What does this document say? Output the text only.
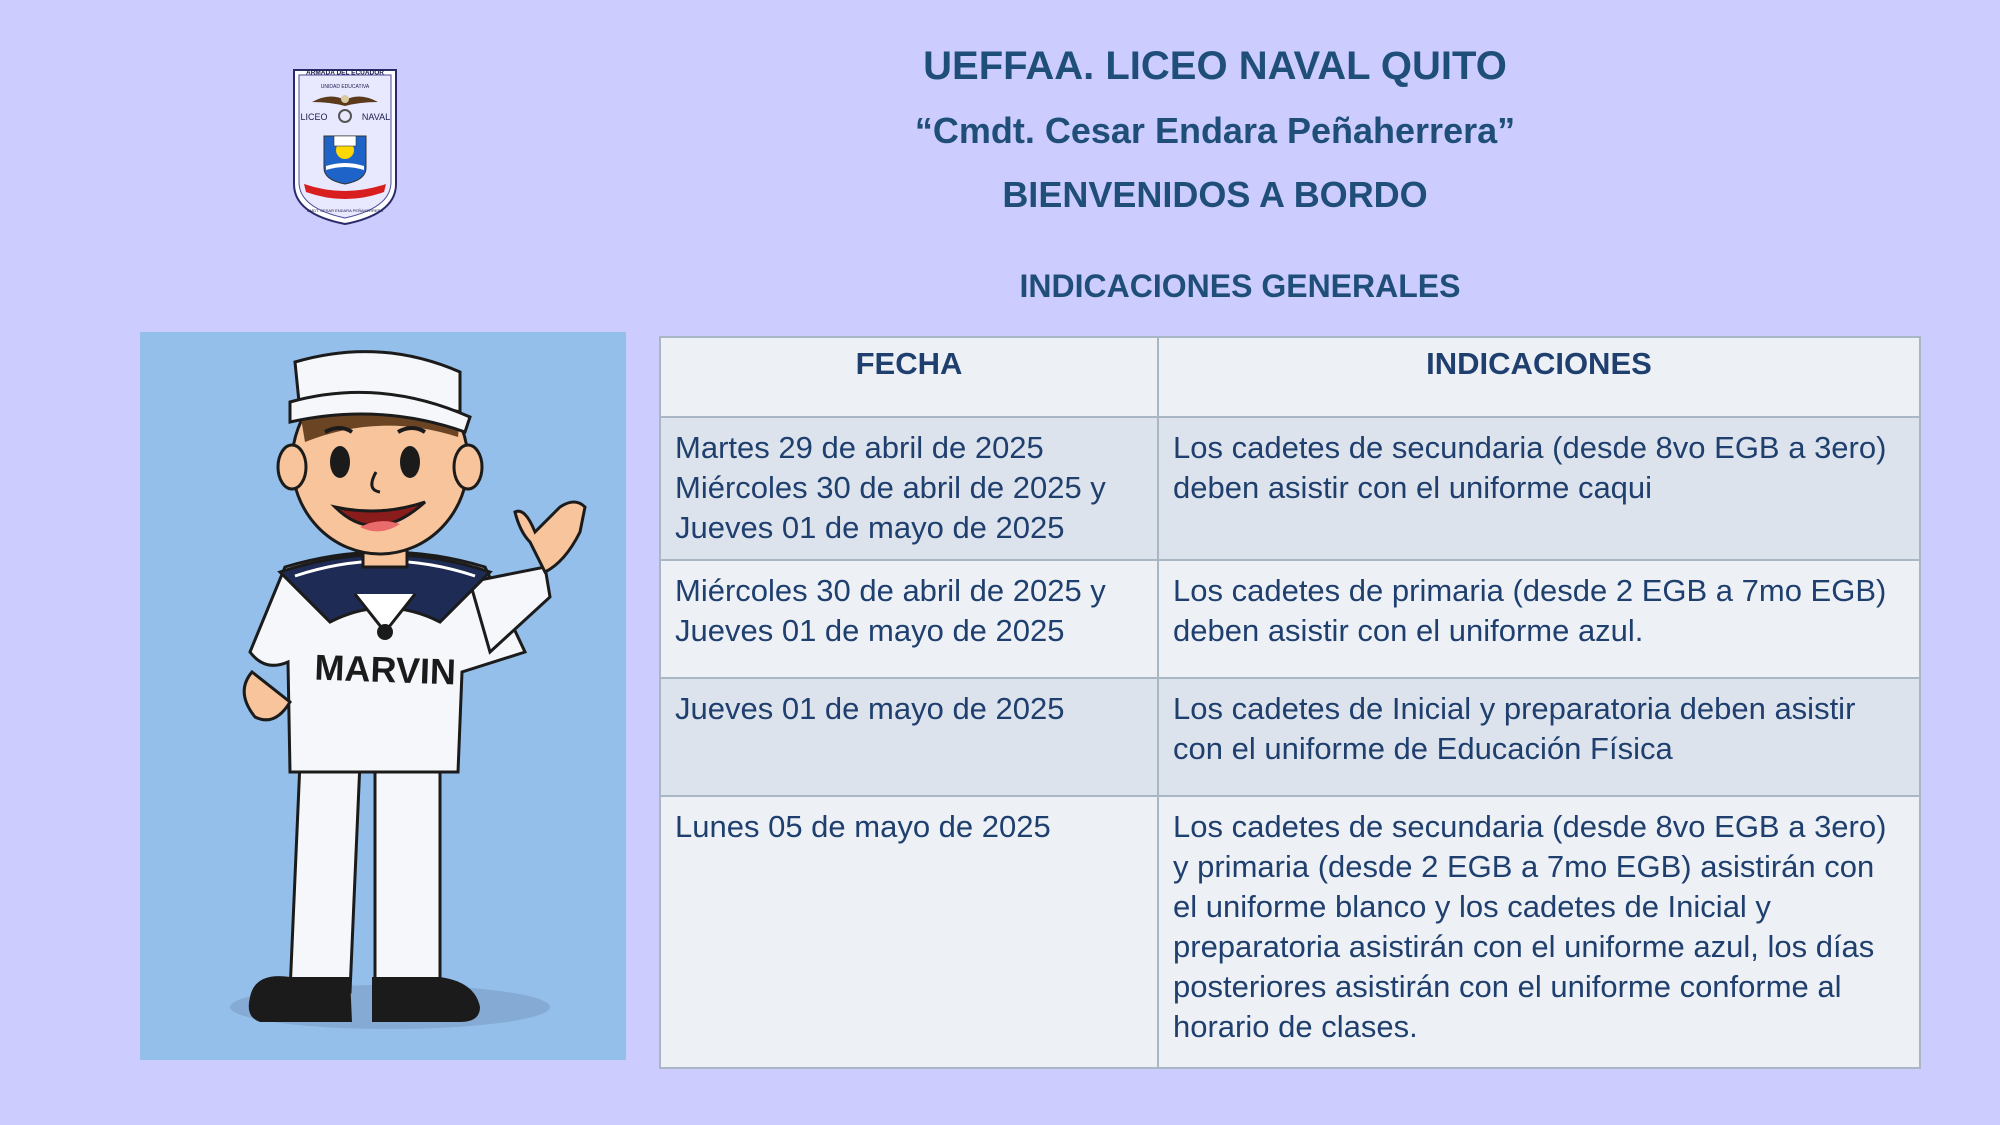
ARMADA DEL ECUADOR
UNIDAD EDUCATIVA
LICEO	NAVAL
CMDT. CESAR ENDARA PEÑAHERRERA
UEFFAA. LICEO NAVAL QUITO
“Cmdt. Cesar Endara Peñaherrera”
BIENVENIDOS A BORDO
INDICACIONES GENERALES
MARVIN
FECHA	INDICACIONES
Martes 29 de abril de 2025 Miércoles 30 de abril de 2025 y Jueves 01 de mayo de 2025	Los cadetes de secundaria (desde 8vo EGB a 3ero) deben asistir con el uniforme caqui
Miércoles 30 de abril de 2025 y Jueves 01 de mayo de 2025	Los cadetes de primaria (desde 2 EGB a 7mo EGB) deben asistir con el uniforme azul.
Jueves 01 de mayo de 2025	Los cadetes de Inicial y preparatoria deben asistir con el uniforme de Educación Física
Lunes 05 de mayo de 2025	Los cadetes de secundaria (desde 8vo EGB a 3ero) y primaria (desde 2 EGB a 7mo EGB) asistirán con el uniforme blanco y los cadetes de Inicial y preparatoria asistirán con el uniforme azul, los días posteriores asistirán con el uniforme conforme al horario de clases.
